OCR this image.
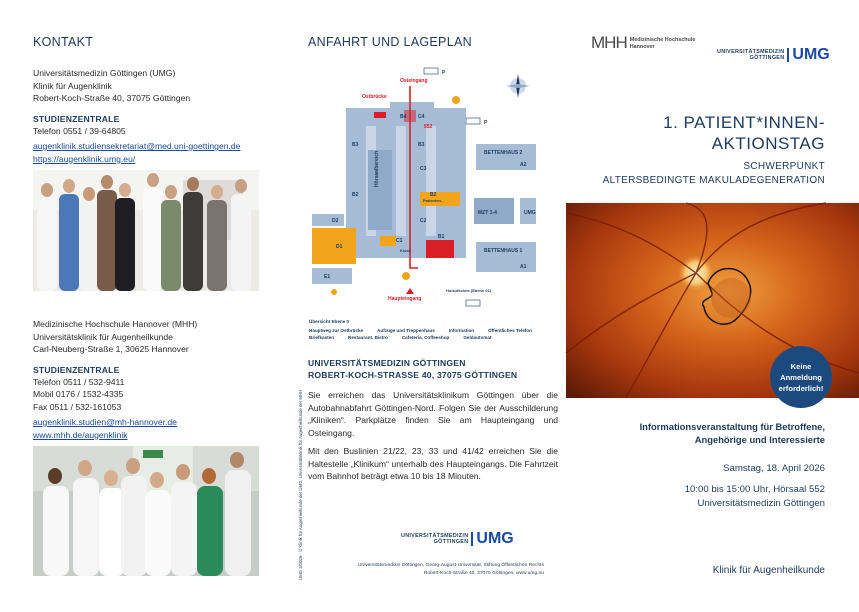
KONTAKT
Universitätsmedizin Göttingen (UMG)
Klinik für Augenklinik
Robert-Koch-Straße 40, 37075 Göttingen
STUDIENZENTRALE
Telefon 0551 / 39-64805
augenklinik.studiensekretariat@med.uni-goettingen.de
https://augenklinik.umg.eu/
Medizinische Hochschule Hannover (MHH)
Universitätsklinik für Augenheilkunde
Carl-Neuberg-Straße 1, 30625 Hannover
STUDIENZENTRALE
Telefon 0511 / 532-9411
Mobil 0176 / 1532-4335
Fax 0511 / 532-161053
augenklinik.studien@mh-hannover.de
www.mhh.de/augenklinik
ANFAHRT UND LAGEPLAN
P
P
Hörsaalbereich	BETTENHAUS 2
A2
BETTENHAUS 1
A1
MZT 1-4
Ostbrücke
Osteingang
Haupteingang
B4 C4
B3	B3
C3
B2	B2
C2
D1
C1
B1
E1
D2
552
Patienten-
Kiosk
UMG
Holzufschne (Ebene 01)
Übersicht Ebene 0
Hauptweg zur Ostbrücke	Aufzüge und Treppenhaus	Information	Öffentliches Telefon
Briefkasten	Restaurant, Bistro	Cafeteria, Coffeeshop	Geldautomat
UMG 3/2026 · © Klinik für Augenheilkunde der UMG, Universitätsklinik für Augenheilkunde der MHH
UNIVERSITÄTSMEDIZIN GÖTTINGEN
ROBERT-KOCH-STRASSE 40, 37075 GÖTTINGEN
Sie erreichen das Universitätsklinikum Göttingen über die Autobahnabfahrt Göttingen-Nord. Folgen Sie der Ausschilderung „Kliniken“. Parkplätze finden Sie am Haupteingang und Osteingang.
Mit den Buslinien 21/22, 23, 33 und 41/42 erreichen Sie die Haltestelle „Klinikum“ unterhalb des Haupteingangs. Die Fahrtzeit vom Bahnhof beträgt etwa 10 bis 18 Minuten.
UNIVERSITÄTSMEDIZIN
GÖTTINGEN UMG
Universitätsmedizin Göttingen, Georg-August-Universität, Stiftung Öffentlichen Rechts
Robert-Koch-Straße 40, 37075 Göttingen, www.umg.eu
MHH Medizinische Hochschule
Hannover
UNIVERSITÄTSMEDIZIN
GÖTTINGEN UMG
1. PATIENT*INNEN-
AKTIONSTAG
SCHWERPUNKT
ALTERSBEDINGTE MAKULADEGENERATION
Keine
Anmeldung
erforderlich!
Informationsveranstaltung für Betroffene,
Angehörige und Interessierte
Samstag, 18. April 2026
10:00 bis 15:00 Uhr, Hörsaal 552
Universitätsmedizin Göttingen
Klinik für Augenheilkunde
